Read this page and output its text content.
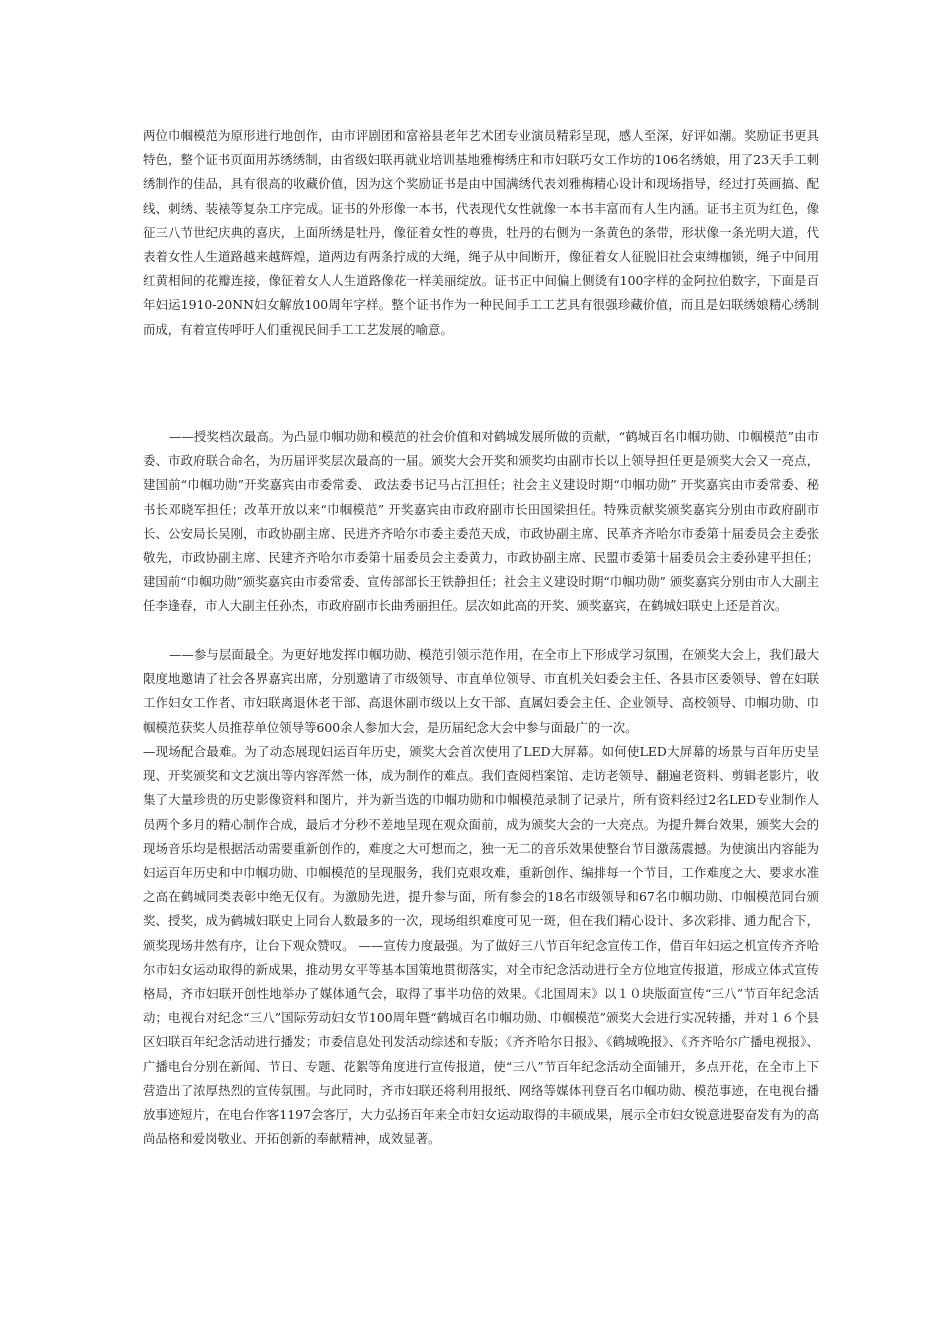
两位巾帼模范为原形进行地创作，由市评剧团和富裕县老年艺术团专业演员精彩呈现，感人至深，好评如潮。奖励证书更具特色，整个证书页面用苏绣绣制，由省级妇联再就业培训基地雅梅绣庄和市妇联巧女工作坊的106名绣娘，用了23天手工刺绣制作的佳品，具有很高的收藏价值，因为这个奖励证书是由中国满绣代表刘雅梅精心设计和现场指导，经过打英画搞、配线、刺绣、装裱等复杂工序完成。证书的外形像一本书，代表现代女性就像一本书丰富而有人生内涵。证书主页为红色，像征三八节世纪庆典的喜庆，上面所绣是牡丹，像征着女性的尊贵，牡丹的右侧为一条黄色的条带，形状像一条光明大道，代表着女性人生道路越来越辉煌，道两边有两条拧成的大绳，绳子从中间断开，像征着女人征脱旧社会束缚枷锁，绳子中间用红黄相间的花瓣连接，像征着女人人生道路像花一样美丽绽放。证书正中间偏上侧烫有100字样的金阿拉伯数字，下面是百年妇运1910-20NN妇女解放100周年字样。整个证书作为一种民间手工工艺具有很强珍藏价值，而且是妇联绣娘精心绣制而成，有着宣传呼吁人们重视民间手工工艺发展的喻意。

——授奖档次最高。为凸显巾帼功勋和模范的社会价值和对鹤城发展所做的贡献，“鹤城百名巾帼功勋、巾帼模范”由市委、市政府联合命名，为历届评奖层次最高的一届。颁奖大会开奖和颁奖均由副市长以上领导担任更是颁奖大会又一亮点，建国前“巾帼功勋”开奖嘉宾由市委常委、 政法委书记马占江担任；社会主义建设时期“巾帼功勋” 开奖嘉宾由市委常委、秘书长邓晓军担任；改革开放以来“巾帼模范” 开奖嘉宾由市政府副市长田国梁担任。特殊贡献奖颁奖嘉宾分别由市政府副市长、公安局长吴刚，市政协副主席、民进齐齐哈尔市委主委范天成，市政协副主席、民革齐齐哈尔市委第十届委员会主委张敬先，市政协副主席、民建齐齐哈尔市委第十届委员会主委黄力，市政协副主席、民盟市委第十届委员会主委孙建平担任；建国前“巾帼功勋”颁奖嘉宾由市委常委、宣传部部长王铁静担任；社会主义建设时期“巾帼功勋” 颁奖嘉宾分别由市人大副主任李逢春，市人大副主任孙杰，市政府副市长曲秀丽担任。层次如此高的开奖、颁奖嘉宾，在鹤城妇联史上还是首次。

——参与层面最全。为更好地发挥巾帼功勋、模范引领示范作用，在全市上下形成学习氛围，在颁奖大会上，我们最大限度地邀请了社会各界嘉宾出席，分别邀请了市级领导、市直单位领导、市直机关妇委会主任、各县市区委领导、曾在妇联工作妇女工作者、市妇联离退休老干部、高退休副市级以上女干部、直属妇委会主任、企业领导、高校领导、巾帼功勋、巾帼模范获奖人员推荐单位领导等600余人参加大会，是历届纪念大会中参与面最广的一次。

—现场配合最难。为了动态展现妇运百年历史，颁奖大会首次使用了LED大屏幕。如何使LED大屏幕的场景与百年历史呈现、开奖颁奖和文艺演出等内容浑然一体，成为制作的难点。我们查阅档案馆、走访老领导、翻遍老资料、剪辑老影片，收集了大量珍贵的历史影像资料和图片，并为新当选的巾帼功勋和巾帼模范录制了记录片，所有资料经过2名LED专业制作人员两个多月的精心制作合成，最后才分秒不差地呈现在观众面前，成为颁奖大会的一大亮点。为提升舞台效果，颁奖大会的现场音乐均是根据活动需要重新创作的，难度之大可想而之，独一无二的音乐效果使整台节目激荡震撼。为使演出内容能为妇运百年历史和中巾帼功勋、巾帼模范的呈现服务，我们克艰攻难，重新创作、编排每一个节目，工作难度之大、要求水准之高在鹤城同类表彰中绝无仅有。为激励先进，提升参与面，所有参会的18名市级领导和67名巾帼功勋、巾帼模范同台颁奖、授奖，成为鹤城妇联史上同台人数最多的一次，现场组织难度可见一斑，但在我们精心设计、多次彩排、通力配合下，颁奖现场井然有序，让台下观众赞叹。 ——宣传力度最强。为了做好三八节百年纪念宣传工作，借百年妇运之机宣传齐齐哈尔市妇女运动取得的新成果，推动男女平等基本国策地贯彻落实，对全市纪念活动进行全方位地宣传报道，形成立体式宣传格局，齐市妇联开创性地举办了媒体通气会，取得了事半功倍的效果。《北国周末》以１０块版面宣传“三八”节百年纪念活动；电视台对纪念“三八”国际劳动妇女节100周年暨“鹤城百名巾帼功勋、巾帼模范”颁奖大会进行实况转播，并对１６个县区妇联百年纪念活动进行播发；市委信息处刊发活动综述和专版；《齐齐哈尔日报》、《鹤城晚报》、《齐齐哈尔广播电视报》、广播电台分别在新闻、节日、专题、花絮等角度进行宣传报道，使“三八”节百年纪念活动全面铺开，多点开花，在全市上下营造出了浓厚热烈的宣传氛围。与此同时，齐市妇联还将利用报纸、网络等媒体刊登百名巾帼功勋、模范事迹，在电视台播放事迹短片，在电台作客1197会客厅，大力弘扬百年来全市妇女运动取得的丰硕成果，展示全市妇女锐意进娶奋发有为的高尚品格和爱岗敬业、开拓创新的奉献精神，成效显著。
